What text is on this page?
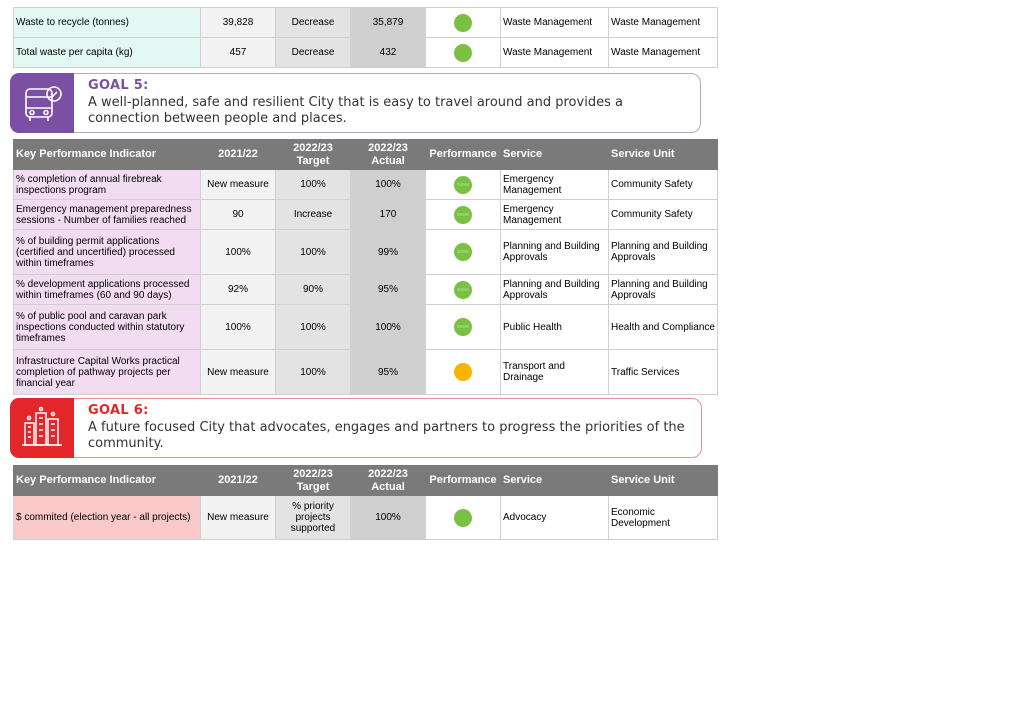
Waste to recycle (tonnes)	39,828	Decrease	35,879		Waste Management	Waste Management
Total waste per capita (kg)	457	Decrease	432		Waste Management	Waste Management
GOAL 5:
A well-planned, safe and resilient City that is easy to travel around and provides a connection between people and places.
Key Performance Indicator	2021/22	2022/23 Target	2022/23 Actual	Performance	Service	Service Unit
% completion of annual firebreak inspections program	New measure	100%	100%		Emergency Management	Community Safety
Emergency management preparedness sessions - Number of families reached	90	Increase	170		Emergency Management	Community Safety
% of building permit applications (certified and uncertified) processed within timeframes	100%	100%	99%		Planning and Building Approvals	Planning and Building Approvals
% development applications processed within timeframes (60 and 90 days)	92%	90%	95%		Planning and Building Approvals	Planning and Building Approvals
% of public pool and caravan park inspections conducted within statutory timeframes	100%	100%	100%		Public Health	Health and Compliance
Infrastructure Capital Works practical completion of pathway projects per financial year	New measure	100%	95%		Transport and Drainage	Traffic Services
GOAL 6:
A future focused City that advocates, engages and partners to progress the priorities of the community.
Key Performance Indicator	2021/22	2022/23 Target	2022/23 Actual	Performance	Service	Service Unit
$ commited (election year - all projects)	New measure	% priority projects supported	100%		Advocacy	Economic Development
